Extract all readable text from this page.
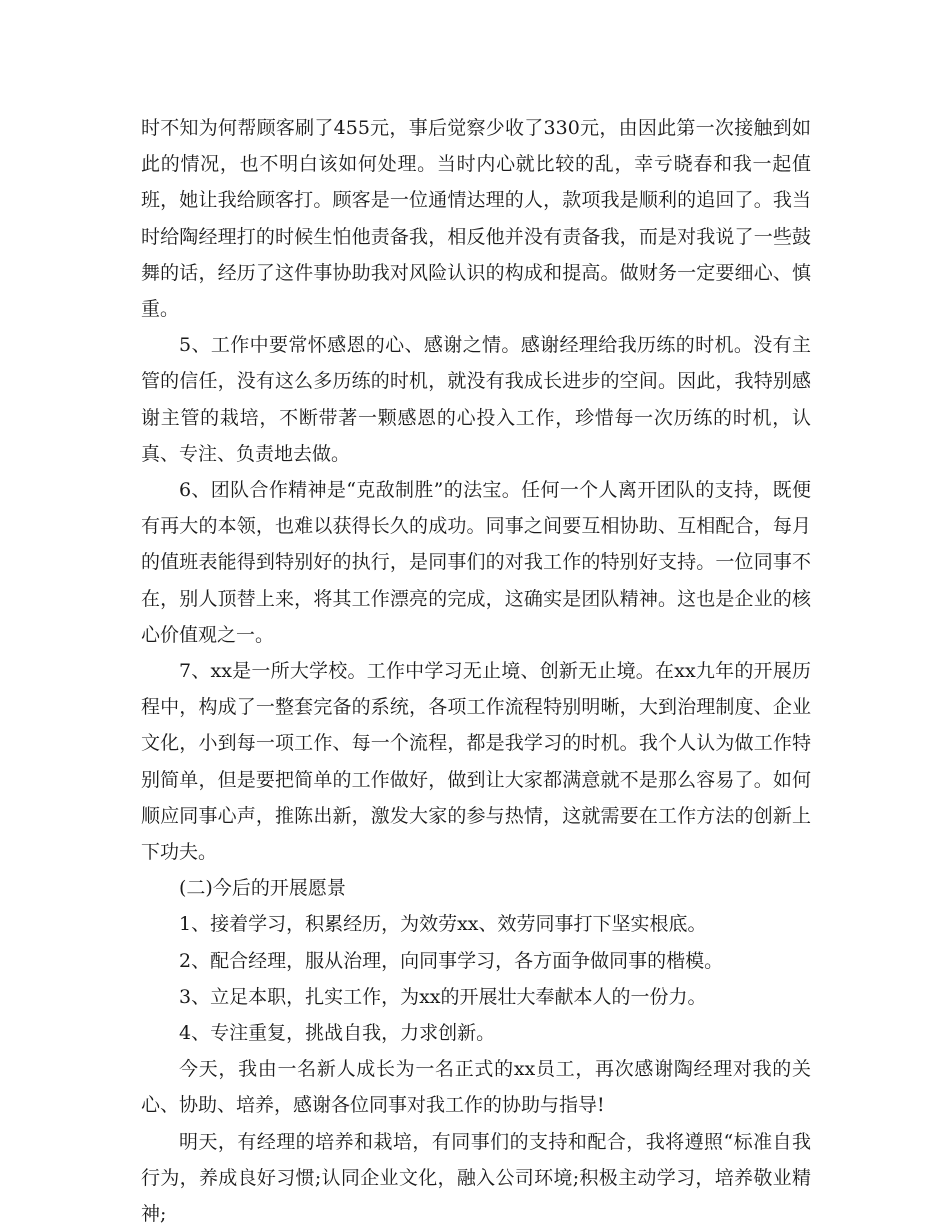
时不知为何帮顾客刷了455元，事后觉察少收了330元，由因此第一次接触到如此的情况，也不明白该如何处理。当时内心就比较的乱，幸亏晓春和我一起值班，她让我给顾客打。顾客是一位通情达理的人，款项我是顺利的追回了。我当时给陶经理打的时候生怕他责备我，相反他并没有责备我，而是对我说了一些鼓舞的话，经历了这件事协助我对风险认识的构成和提高。做财务一定要细心、慎重。

5、工作中要常怀感恩的心、感谢之情。感谢经理给我历练的时机。没有主管的信任，没有这么多历练的时机，就没有我成长进步的空间。因此，我特别感谢主管的栽培，不断带著一颗感恩的心投入工作，珍惜每一次历练的时机，认真、专注、负责地去做。

6、团队合作精神是“克敌制胜”的法宝。任何一个人离开团队的支持，既便有再大的本领，也难以获得长久的成功。同事之间要互相协助、互相配合，每月的值班表能得到特别好的执行，是同事们的对我工作的特别好支持。一位同事不在，别人顶替上来，将其工作漂亮的完成，这确实是团队精神。这也是企业的核心价值观之一。

7、xx是一所大学校。工作中学习无止境、创新无止境。在xx九年的开展历程中，构成了一整套完备的系统，各项工作流程特别明晰，大到治理制度、企业文化，小到每一项工作、每一个流程，都是我学习的时机。我个人认为做工作特别简单，但是要把简单的工作做好，做到让大家都满意就不是那么容易了。如何顺应同事心声，推陈出新，激发大家的参与热情，这就需要在工作方法的创新上下功夫。

(二)今后的开展愿景

1、接着学习，积累经历，为效劳xx、效劳同事打下坚实根底。

2、配合经理，服从治理，向同事学习，各方面争做同事的楷模。

3、立足本职，扎实工作，为xx的开展壮大奉献本人的一份力。

4、专注重复，挑战自我，力求创新。

今天，我由一名新人成长为一名正式的xx员工，再次感谢陶经理对我的关心、协助、培养，感谢各位同事对我工作的协助与指导!

明天，有经理的培养和栽培，有同事们的支持和配合，我将遵照“标准自我行为，养成良好习惯;认同企业文化，融入公司环境;积极主动学习，培养敬业精神;
